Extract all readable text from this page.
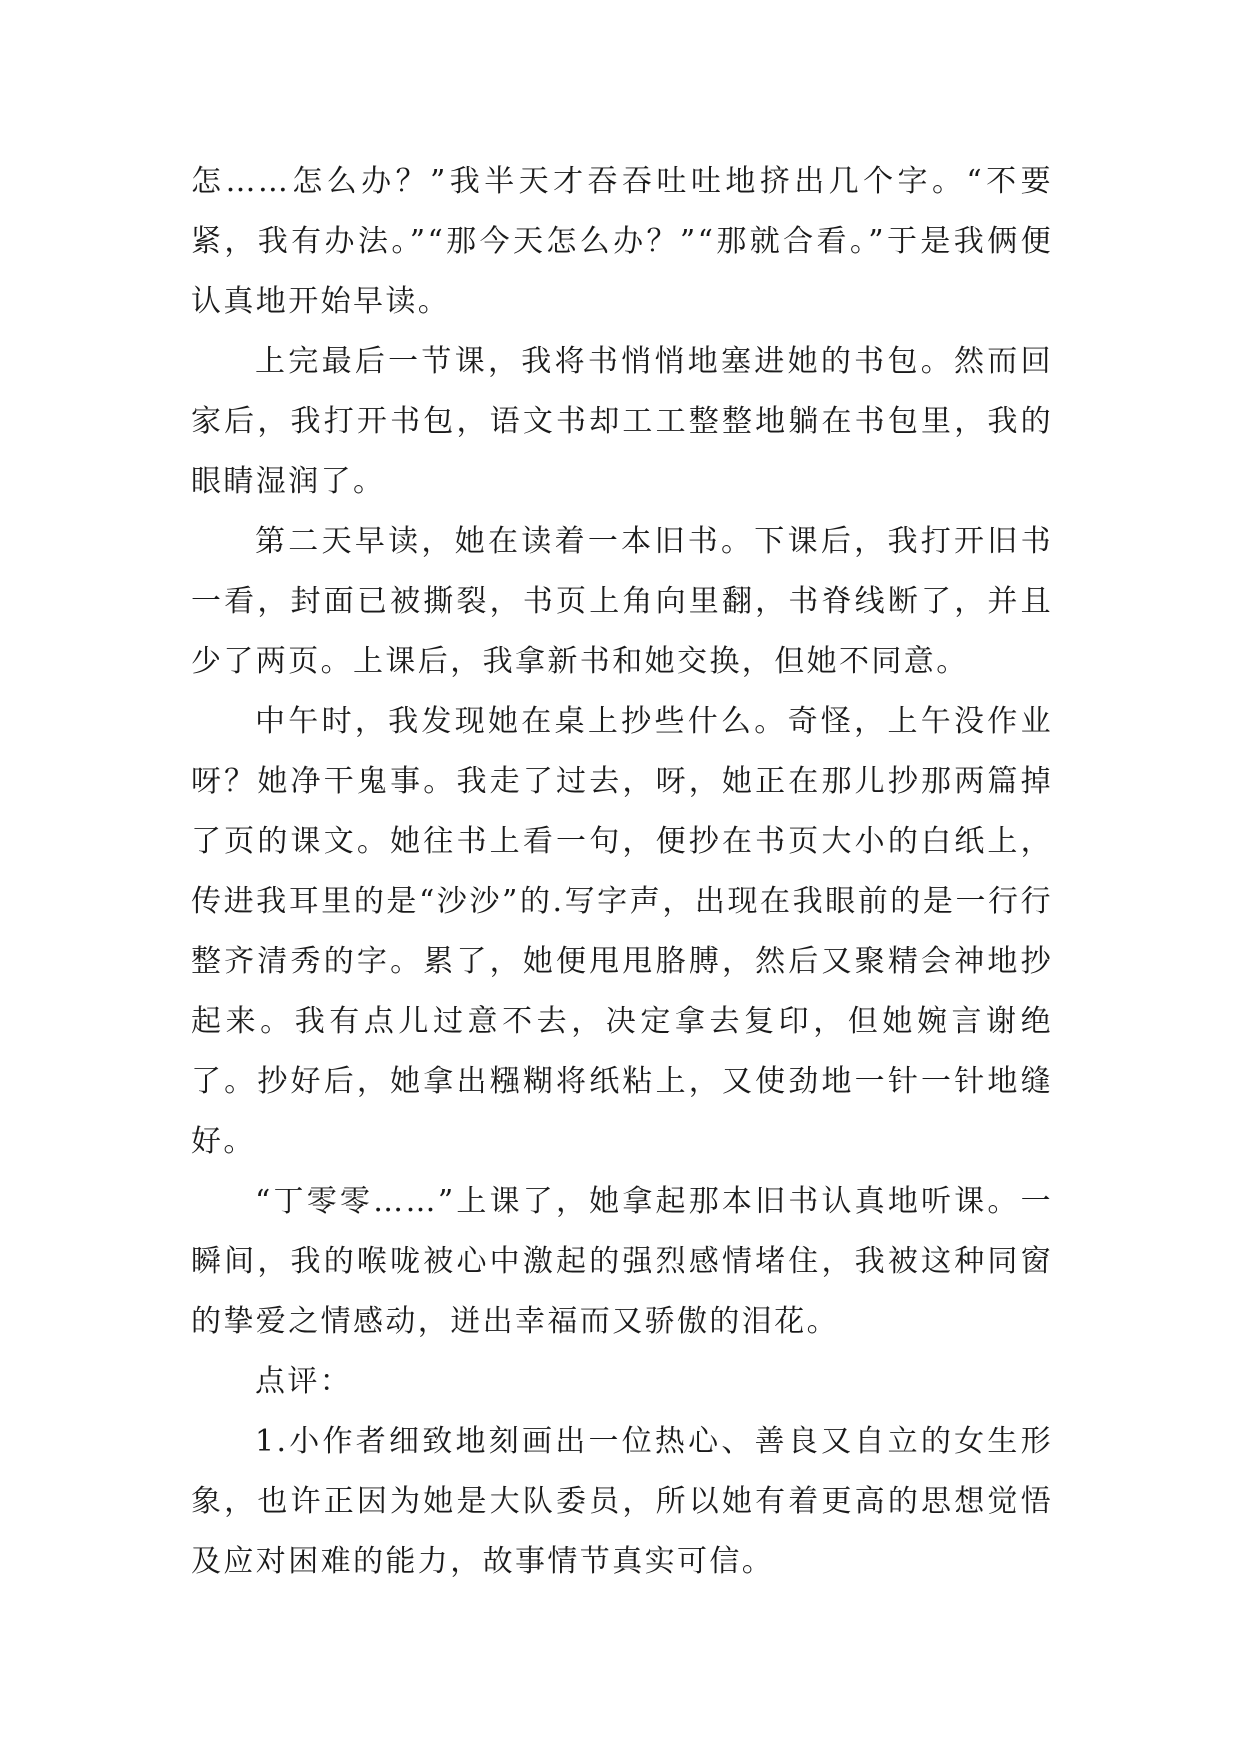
怎……怎么办？”我半天才吞吞吐吐地挤出几个字。“不要紧，我有办法。”“那今天怎么办？”“那就合看。”于是我俩便认真地开始早读。

上完最后一节课，我将书悄悄地塞进她的书包。然而回家后，我打开书包，语文书却工工整整地躺在书包里，我的眼睛湿润了。

第二天早读，她在读着一本旧书。下课后，我打开旧书一看，封面已被撕裂，书页上角向里翻，书脊线断了，并且少了两页。上课后，我拿新书和她交换，但她不同意。

中午时，我发现她在桌上抄些什么。奇怪，上午没作业呀？她净干鬼事。我走了过去，呀，她正在那儿抄那两篇掉了页的课文。她往书上看一句，便抄在书页大小的白纸上，传进我耳里的是“沙沙”的.写字声，出现在我眼前的是一行行整齐清秀的字。累了，她便甩甩胳膊，然后又聚精会神地抄起来。我有点儿过意不去，决定拿去复印，但她婉言谢绝了。抄好后，她拿出糨糊将纸粘上，又使劲地一针一针地缝好。

“丁零零……”上课了，她拿起那本旧书认真地听课。一瞬间，我的喉咙被心中激起的强烈感情堵住，我被这种同窗的挚爱之情感动，迸出幸福而又骄傲的泪花。

点评：

1.小作者细致地刻画出一位热心、善良又自立的女生形象，也许正因为她是大队委员，所以她有着更高的思想觉悟及应对困难的能力，故事情节真实可信。
